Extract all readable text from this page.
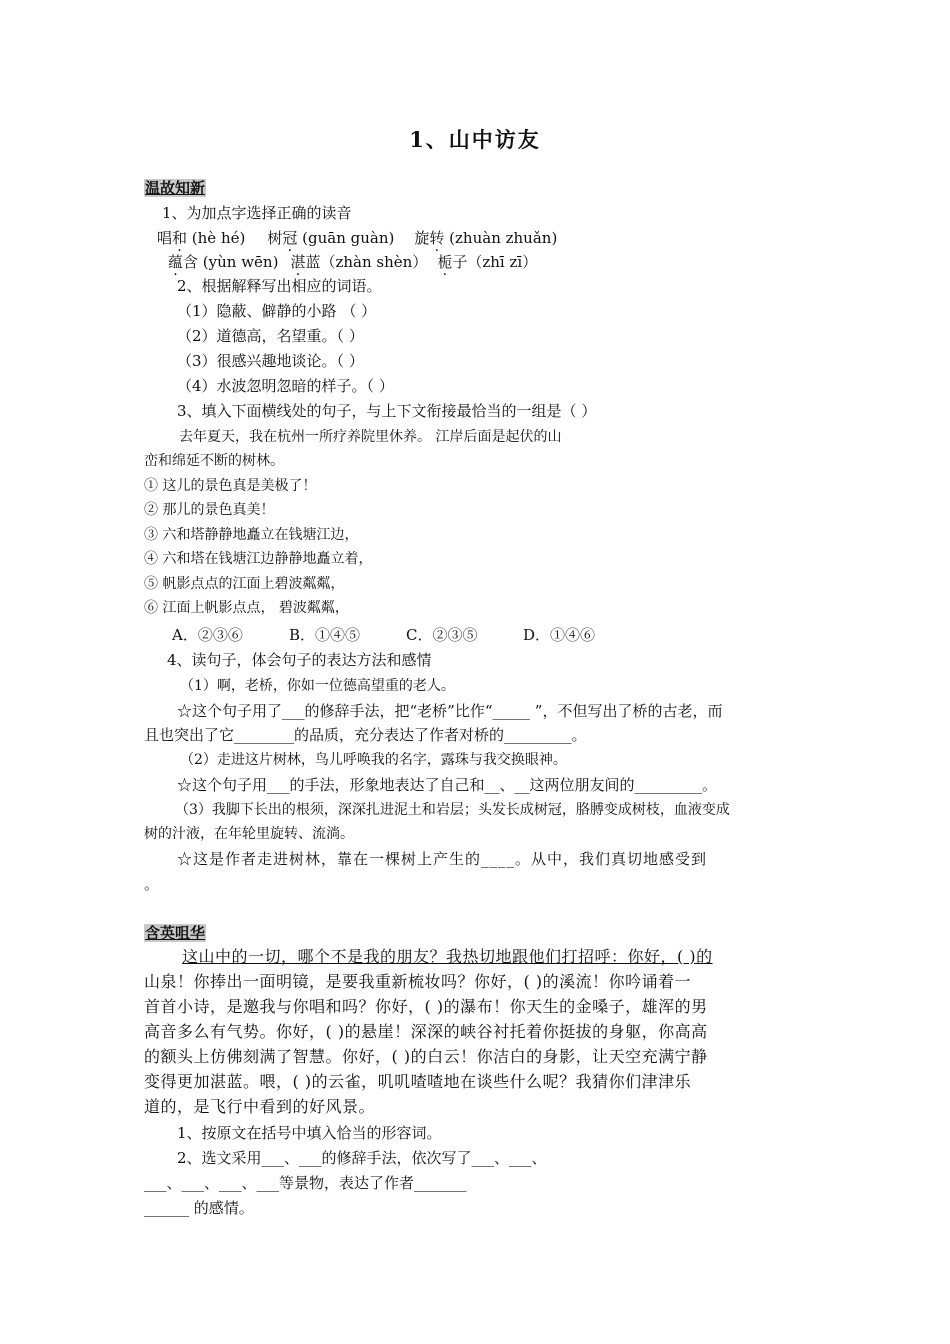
1、山中访友
温故知新
1、为加点字选择正确的读音
唱和 (hè hé) 树冠 (guān guàn) 旋转 (zhuàn zhuǎn)
蕴含 (yùn wēn) 湛蓝（zhàn shèn） 栀子（zhī zī）
2、根据解释写出相应的词语。
（1）隐蔽、僻静的小路 （ ）
（2）道德高，名望重。（ ）
（3）很感兴趣地谈论。（ ）
（4）水波忽明忽暗的样子。（ ）
3、填入下面横线处的句子，与上下文衔接最恰当的一组是（ ）
去年夏天，我在杭州一所疗养院里休养。 江岸后面是起伏的山
峦和绵延不断的树林。
① 这儿的景色真是美极了！
② 那儿的景色真美！
③ 六和塔静静地矗立在钱塘江边，
④ 六和塔在钱塘江边静静地矗立着，
⑤ 帆影点点的江面上碧波粼粼，
⑥ 江面上帆影点点， 碧波粼粼，
A．②③⑥	B．①④⑤	C．②③⑤	D．①④⑥
4、读句子，体会句子的表达方法和感情
（1）啊，老桥，你如一位德高望重的老人。
☆这个句子用了___的修辞手法，把“老桥”比作“_____ ”，不但写出了桥的古老，而
且也突出了它________的品质，充分表达了作者对桥的_________。
（2）走进这片树林，鸟儿呼唤我的名字，露珠与我交换眼神。
☆这个句子用___的手法，形象地表达了自己和__、__这两位朋友间的_________。
（3）我脚下长出的根须，深深扎进泥土和岩层；头发长成树冠，胳膊变成树枝，血液变成
树的汁液，在年轮里旋转、流淌。
☆这是作者走进树林，靠在一棵树上产生的____。从中，我们真切地感受到
。
含英咀华
这山中的一切，哪个不是我的朋友？我热切地跟他们打招呼：你好，( )的
山泉！你捧出一面明镜，是要我重新梳妆吗？你好，( )的溪流！你吟诵着一
首首小诗，是邀我与你唱和吗？你好，( )的瀑布！你天生的金嗓子，雄浑的男
高音多么有气势。你好，( )的悬崖！深深的峡谷衬托着你挺拔的身躯，你高高
的额头上仿佛刻满了智慧。你好，( )的白云！你洁白的身影，让天空充满宁静
变得更加湛蓝。喂，( )的云雀，叽叽喳喳地在谈些什么呢？我猜你们津津乐
道的，是飞行中看到的好风景。
1、按原文在括号中填入恰当的形容词。
2、选文采用___、___的修辞手法，依次写了___、___、
___、___、___、___等景物，表达了作者_______
______ 的感情。
